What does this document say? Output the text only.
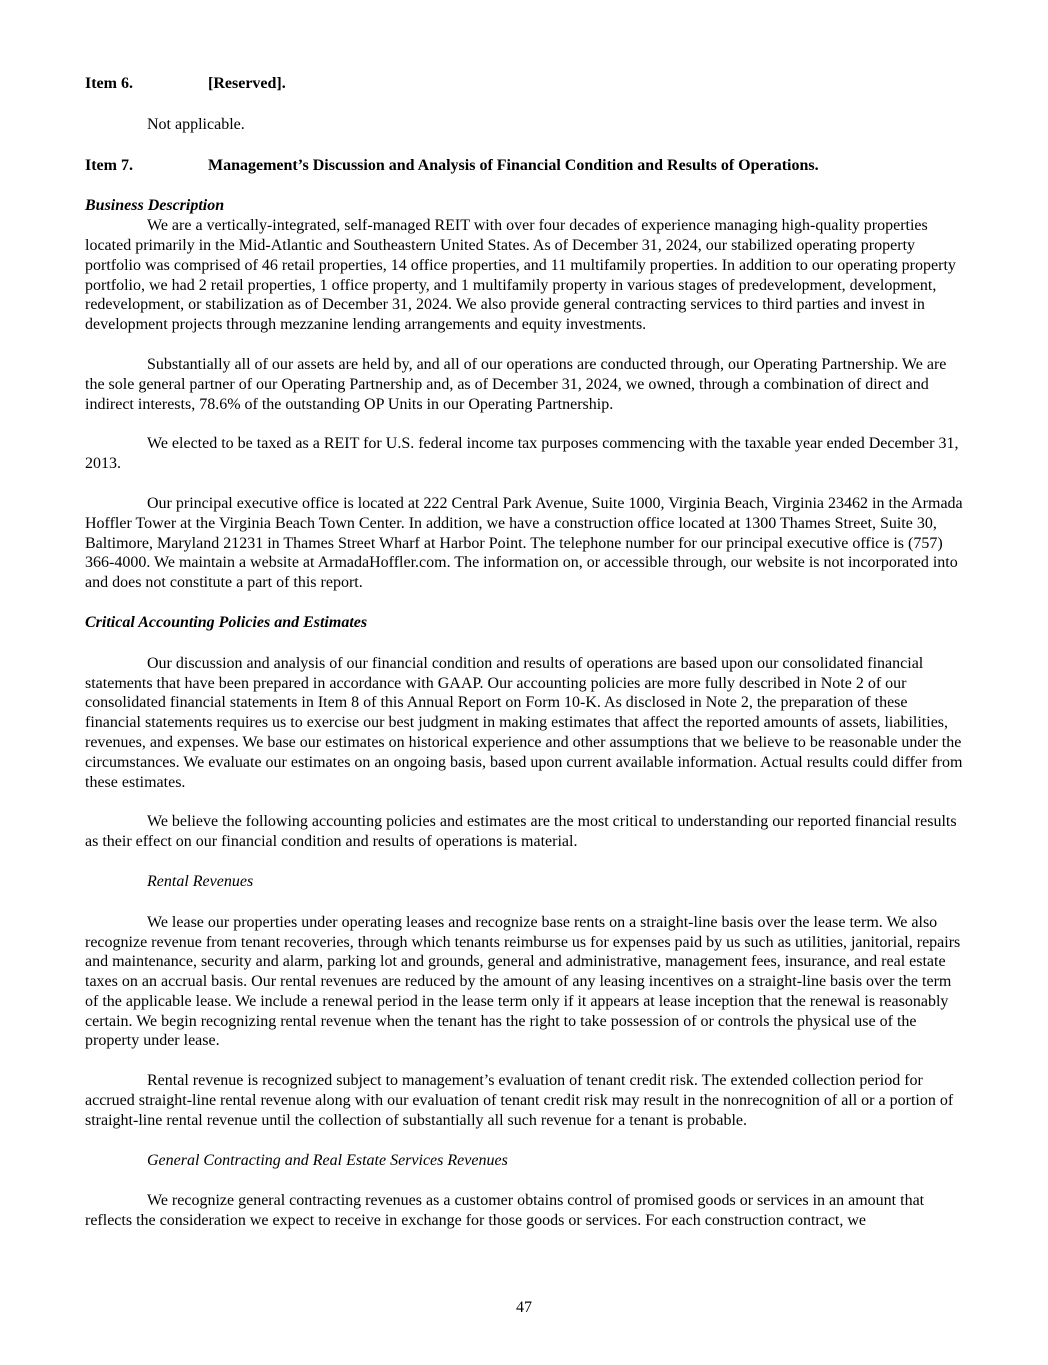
Item 6.	[Reserved].
Not applicable.
Item 7.	Management’s Discussion and Analysis of Financial Condition and Results of Operations.
Business Description

We are a vertically-integrated, self-managed REIT with over four decades of experience managing high-quality properties located primarily in the Mid-Atlantic and Southeastern United States. As of December 31, 2024, our stabilized operating property portfolio was comprised of 46 retail properties, 14 office properties, and 11 multifamily properties. In addition to our operating property portfolio, we had 2 retail properties, 1 office property, and 1 multifamily property in various stages of predevelopment, development, redevelopment, or stabilization as of December 31, 2024. We also provide general contracting services to third parties and invest in development projects through mezzanine lending arrangements and equity investments.

Substantially all of our assets are held by, and all of our operations are conducted through, our Operating Partnership. We are the sole general partner of our Operating Partnership and, as of December 31, 2024, we owned, through a combination of direct and indirect interests, 78.6% of the outstanding OP Units in our Operating Partnership.

We elected to be taxed as a REIT for U.S. federal income tax purposes commencing with the taxable year ended December 31, 2013.

Our principal executive office is located at 222 Central Park Avenue, Suite 1000, Virginia Beach, Virginia 23462 in the Armada Hoffler Tower at the Virginia Beach Town Center. In addition, we have a construction office located at 1300 Thames Street, Suite 30, Baltimore, Maryland 21231 in Thames Street Wharf at Harbor Point. The telephone number for our principal executive office is (757) 366-4000. We maintain a website at ArmadaHoffler.com. The information on, or accessible through, our website is not incorporated into and does not constitute a part of this report.

Critical Accounting Policies and Estimates

Our discussion and analysis of our financial condition and results of operations are based upon our consolidated financial statements that have been prepared in accordance with GAAP. Our accounting policies are more fully described in Note 2 of our consolidated financial statements in Item 8 of this Annual Report on Form 10-K. As disclosed in Note 2, the preparation of these financial statements requires us to exercise our best judgment in making estimates that affect the reported amounts of assets, liabilities, revenues, and expenses. We base our estimates on historical experience and other assumptions that we believe to be reasonable under the circumstances. We evaluate our estimates on an ongoing basis, based upon current available information. Actual results could differ from these estimates.

We believe the following accounting policies and estimates are the most critical to understanding our reported financial results as their effect on our financial condition and results of operations is material.

Rental Revenues

We lease our properties under operating leases and recognize base rents on a straight-line basis over the lease term. We also recognize revenue from tenant recoveries, through which tenants reimburse us for expenses paid by us such as utilities, janitorial, repairs and maintenance, security and alarm, parking lot and grounds, general and administrative, management fees, insurance, and real estate taxes on an accrual basis. Our rental revenues are reduced by the amount of any leasing incentives on a straight-line basis over the term of the applicable lease. We include a renewal period in the lease term only if it appears at lease inception that the renewal is reasonably certain. We begin recognizing rental revenue when the tenant has the right to take possession of or controls the physical use of the property under lease.

Rental revenue is recognized subject to management’s evaluation of tenant credit risk. The extended collection period for accrued straight-line rental revenue along with our evaluation of tenant credit risk may result in the nonrecognition of all or a portion of straight-line rental revenue until the collection of substantially all such revenue for a tenant is probable.

General Contracting and Real Estate Services Revenues

We recognize general contracting revenues as a customer obtains control of promised goods or services in an amount that reflects the consideration we expect to receive in exchange for those goods or services. For each construction contract, we

47
